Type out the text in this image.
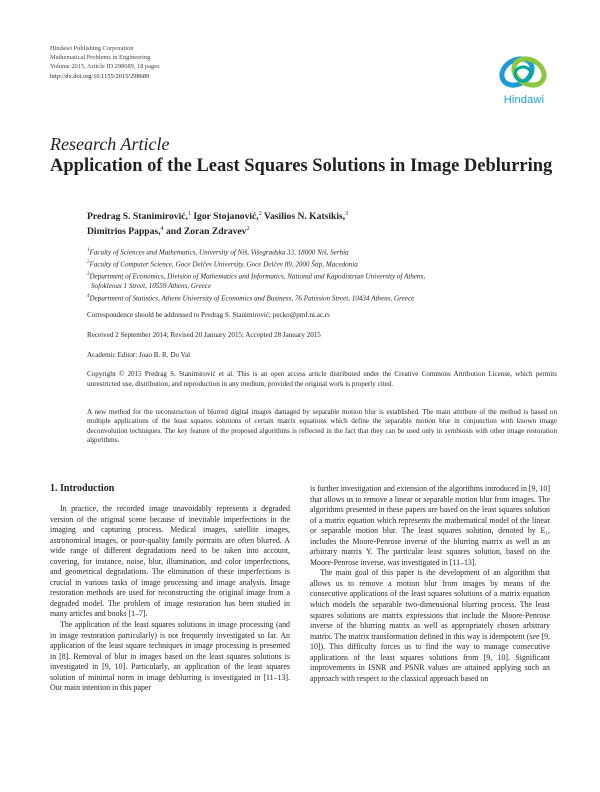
Hindawi Publishing Corporation
Mathematical Problems in Engineering
Volume 2015, Article ID 298689, 18 pages
http://dx.doi.org/10.1155/2015/298689
Hindawi
Research Article
Application of the Least Squares Solutions in Image Deblurring
Predrag S. Stanimirović,$^1$ Igor Stojanović,$^2$ Vasilios N. Katsikis,$^3$
Dimitrios Pappas,$^4$ and Zoran Zdravev$^2$
$^1$Faculty of Sciences and Mathematics, University of Niš, Višegradska 33, 18000 Niš, Serbia
$^2$Faculty of Computer Science, Goce Delčev University, Goce Delčev 89, 2000 Štip, Macedonia
$^3$Department of Economics, Division of Mathematics and Informatics, National and Kapodistrian University of Athens,
Sofokleous 1 Street, 10559 Athens, Greece
$^4$Department of Statistics, Athens University of Economics and Business, 76 Patission Street, 10434 Athens, Greece
Correspondence should be addressed to Predrag S. Stanimirović; pecko@pmf.ni.ac.rs
Received 2 September 2014; Revised 20 January 2015; Accepted 28 January 2015
Academic Editor: Joao B. R. Do Val
Copyright © 2015 Predrag S. Stanimirović et al. This is an open access article distributed under the Creative Commons Attribution License, which permits unrestricted use, distribution, and reproduction in any medium, provided the original work is properly cited.
A new method for the reconstruction of blurred digital images damaged by separable motion blur is established. The main attribute of the method is based on multiple applications of the least squares solutions of certain matrix equations which define the separable motion blur in conjunction with known image deconvolution techniques. The key feature of the proposed algorithms is reflected in the fact that they can be used only in symbiosis with other image restoration algorithms.
1. Introduction

In practice, the recorded image unavoidably represents a degraded version of the original scene because of inevitable imperfections in the imaging and capturing process. Medical images, satellite images, astronomical images, or poor-quality family portraits are often blurred. A wide range of different degradations need to be taken into account, covering, for instance, noise, blur, illumination, and color imperfections, and geometrical degradations. The elimination of these imperfections is crucial in various tasks of image processing and image analysis. Image restoration methods are used for reconstructing the original image from a degraded model. The problem of image restoration has been studied in many articles and books [1–7].

The application of the least squares solutions in image processing (and in image restoration particularly) is not frequently investigated so far. An application of the least square techniques in image processing is presented in [8]. Removal of blur in images based on the least squares solutions is investigated in [9, 10]. Particularly, an application of the least squares solution of minimal norm in image deblurring is investigated in [11–13]. Our main intention in this paper

is further investigation and extension of the algorithms introduced in [9, 10] that allows us to remove a linear or separable motion blur from images. The algorithms presented in these papers are based on the least squares solution of a matrix equation which represents the mathematical model of the linear or separable motion blur. The least squares solution, denoted by E₁, includes the Moore-Penrose inverse of the blurring matrix as well as an arbitrary matrix Y. The particular least squares solution, based on the Moore-Penrose inverse, was investigated in [11–13].

The main goal of this paper is the development of an algorithm that allows us to remove a motion blur from images by means of the consecutive applications of the least squares solutions of a matrix equation which models the separable two-dimensional blurring process. The least squares solutions are matrix expressions that include the Moore-Penrose inverse of the blurring matrix as well as appropriately chosen arbitrary matrix. The matrix transformation defined in this way is idempotent (see [9, 10]). This difficulty forces us to find the way to manage consecutive applications of the least squares solutions from [9, 10]. Significant improvements in ISNR and PSNR values are attained applying such an approach with respect to the classical approach based on
